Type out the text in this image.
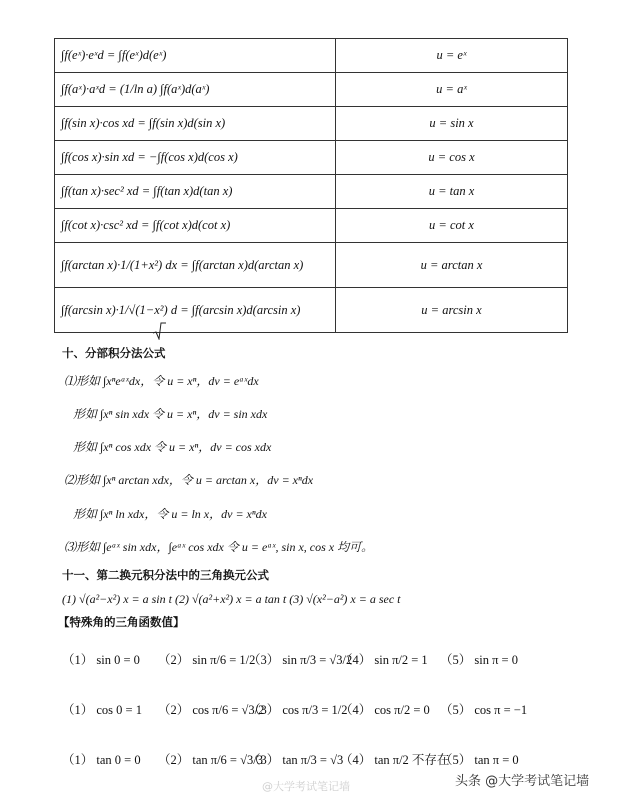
∫f(eˣ)·eˣd = ∫f(eˣ)d(eˣ)	u = eˣ
∫f(aˣ)·aˣd = (1/ln a) ∫f(aˣ)d(aˣ)	u = aˣ
∫f(sin x)·cos xd = ∫f(sin x)d(sin x)	u = sin x
∫f(cos x)·sin xd = −∫f(cos x)d(cos x)	u = cos x
∫f(tan x)·sec² xd = ∫f(tan x)d(tan x)	u = tan x
∫f(cot x)·csc² xd = ∫f(cot x)d(cot x)	u = cot x
∫f(arctan x)·1/(1+x²) dx = ∫f(arctan x)d(arctan x)	u = arctan x
∫f(arcsin x)·1/√(1−x²) d = ∫f(arcsin x)d(arcsin x)	u = arcsin x
十、分部积分法公式
⑴形如 ∫xⁿeᵃˣdx，令 u = xⁿ，dv = eᵃˣdx
形如 ∫xⁿ sin xdx 令 u = xⁿ，dv = sin xdx
形如 ∫xⁿ cos xdx 令 u = xⁿ，dv = cos xdx
⑵形如 ∫xⁿ arctan xdx，令 u = arctan x，dv = xⁿdx
形如 ∫xⁿ ln xdx，令 u = ln x，dv = xⁿdx
⑶形如 ∫eᵃˣ sin xdx，∫eᵃˣ cos xdx 令 u = eᵃˣ, sin x, cos x 均可。
十一、第二换元积分法中的三角换元公式
(1) √(a²−x²) x = a sin t (2) √(a²+x²) x = a tan t (3) √(x²−a²) x = a sec t
【特殊角的三角函数值】
（1） sin 0 = 0 （2） sin π/6 = 1/2
（3） sin π/3 = √3/2
（4） sin π/2 = 1 （5） sin π = 0
（1） cos 0 = 1 （2） cos π/6 = √3/2
（3） cos π/3 = 1/2
（4） cos π/2 = 0 （5） cos π = −1
（1） tan 0 = 0 （2） tan π/6 = √3/3
（3） tan π/3 = √3
（4） tan π/2 不存在
（5） tan π = 0
@大学考试笔记墙	头条 @大学考试笔记墙
